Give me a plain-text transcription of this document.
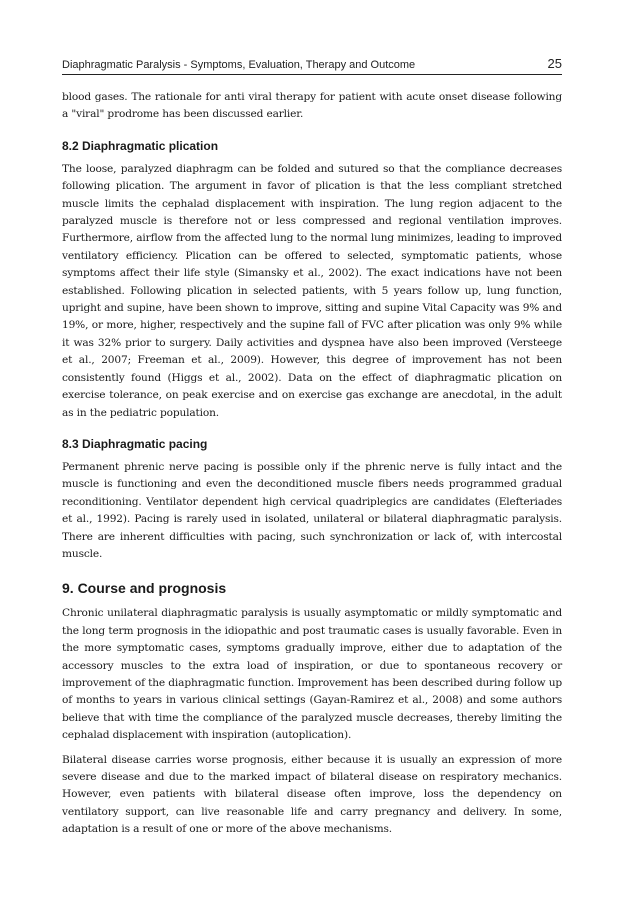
Diaphragmatic Paralysis - Symptoms, Evaluation, Therapy and Outcome	25

blood gases. The rationale for anti viral therapy for patient with acute onset disease following a "viral" prodrome has been discussed earlier.

8.2 Diaphragmatic plication

The loose, paralyzed diaphragm can be folded and sutured so that the compliance decreases following plication. The argument in favor of plication is that the less compliant stretched muscle limits the cephalad displacement with inspiration. The lung region adjacent to the paralyzed muscle is therefore not or less compressed and regional ventilation improves. Furthermore, airflow from the affected lung to the normal lung minimizes, leading to improved ventilatory efficiency. Plication can be offered to selected, symptomatic patients, whose symptoms affect their life style (Simansky et al., 2002). The exact indications have not been established. Following plication in selected patients, with 5 years follow up, lung function, upright and supine, have been shown to improve, sitting and supine Vital Capacity was 9% and 19%, or more, higher, respectively and the supine fall of FVC after plication was only 9% while it was 32% prior to surgery. Daily activities and dyspnea have also been improved (Versteege et al., 2007; Freeman et al., 2009). However, this degree of improvement has not been consistently found (Higgs et al., 2002). Data on the effect of diaphragmatic plication on exercise tolerance, on peak exercise and on exercise gas exchange are anecdotal, in the adult as in the pediatric population.

8.3 Diaphragmatic pacing

Permanent phrenic nerve pacing is possible only if the phrenic nerve is fully intact and the muscle is functioning and even the deconditioned muscle fibers needs programmed gradual reconditioning. Ventilator dependent high cervical quadriplegics are candidates (Elefteriades et al., 1992). Pacing is rarely used in isolated, unilateral or bilateral diaphragmatic paralysis. There are inherent difficulties with pacing, such synchronization or lack of, with intercostal muscle.

9. Course and prognosis

Chronic unilateral diaphragmatic paralysis is usually asymptomatic or mildly symptomatic and the long term prognosis in the idiopathic and post traumatic cases is usually favorable. Even in the more symptomatic cases, symptoms gradually improve, either due to adaptation of the accessory muscles to the extra load of inspiration, or due to spontaneous recovery or improvement of the diaphragmatic function. Improvement has been described during follow up of months to years in various clinical settings (Gayan-Ramirez et al., 2008) and some authors believe that with time the compliance of the paralyzed muscle decreases, thereby limiting the cephalad displacement with inspiration (autoplication).

Bilateral disease carries worse prognosis, either because it is usually an expression of more severe disease and due to the marked impact of bilateral disease on respiratory mechanics. However, even patients with bilateral disease often improve, loss the dependency on ventilatory support, can live reasonable life and carry pregnancy and delivery. In some, adaptation is a result of one or more of the above mechanisms.
